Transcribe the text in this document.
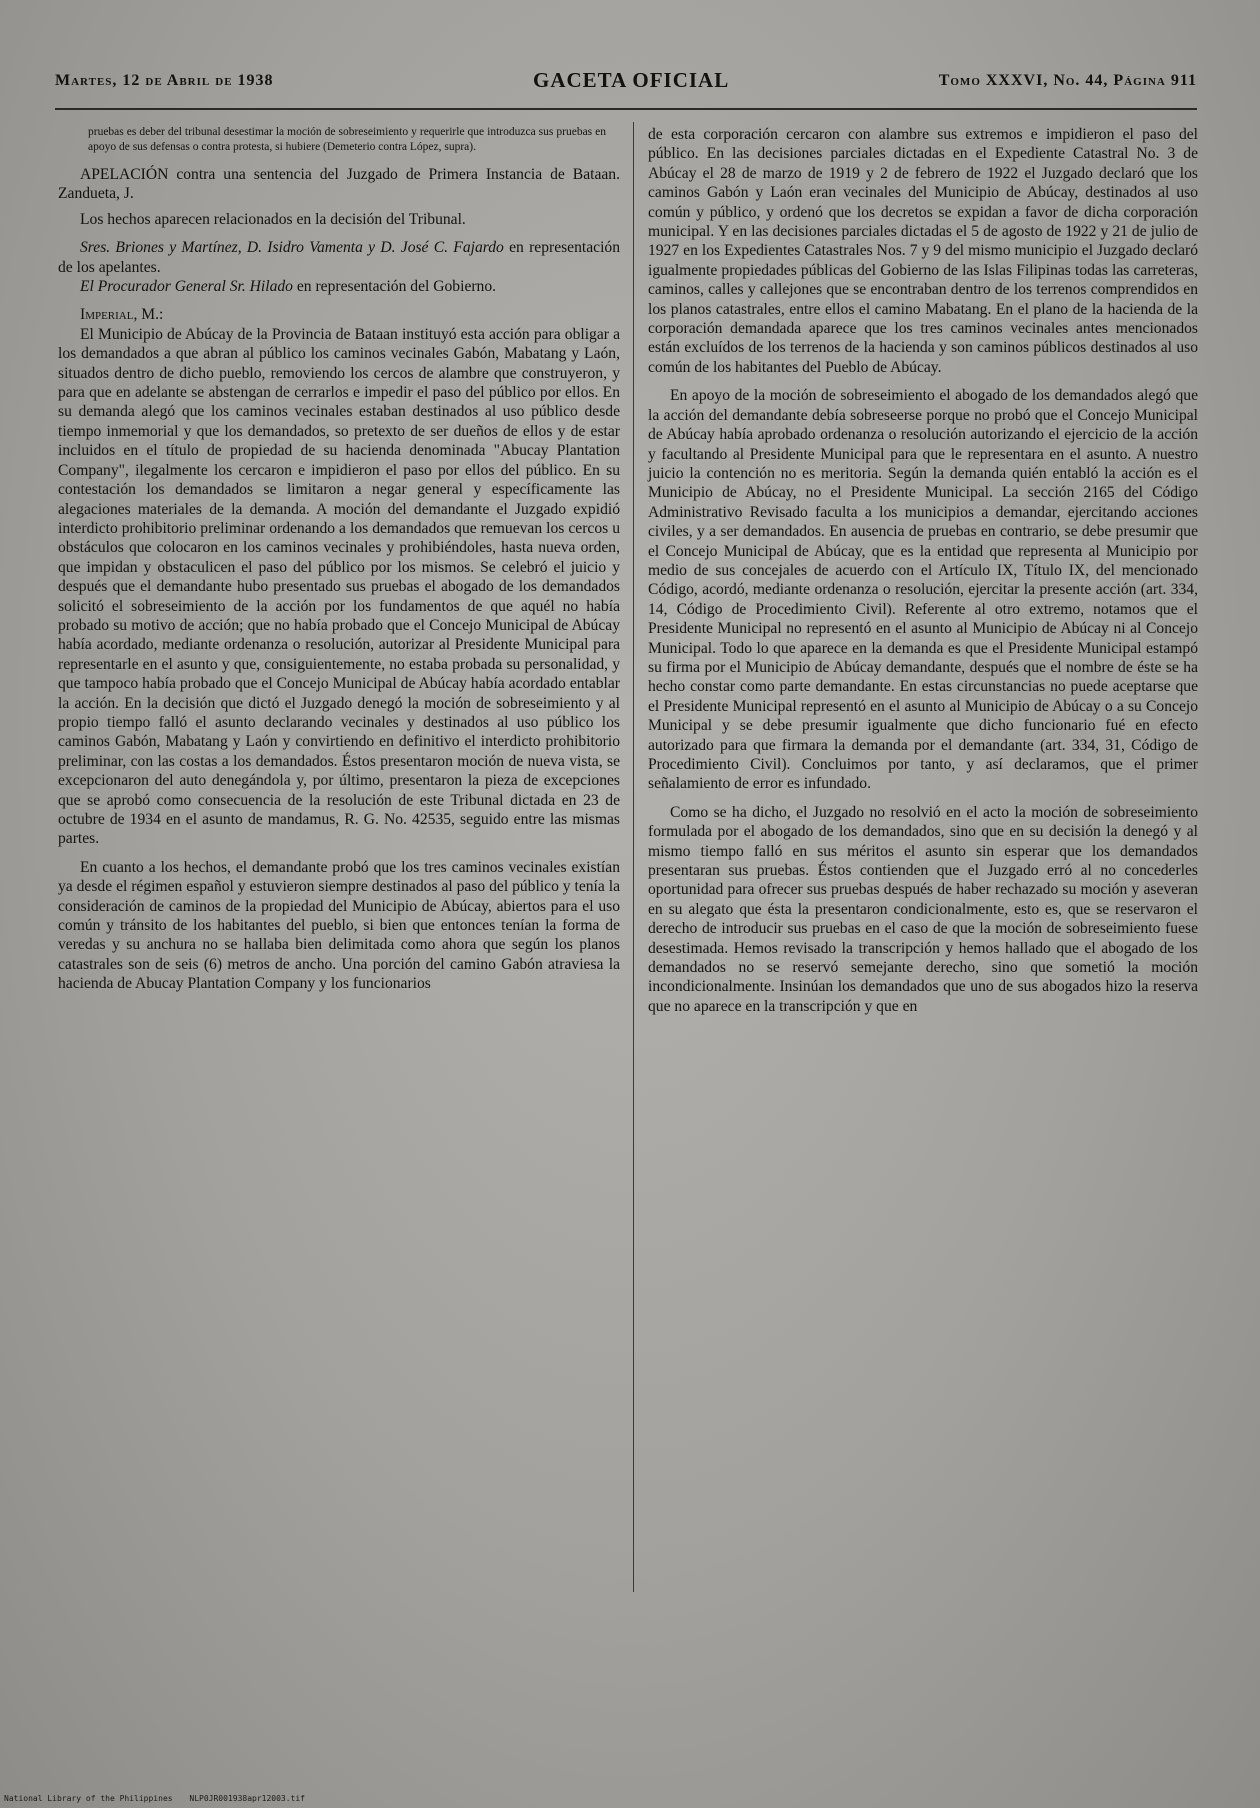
Martes, 12 de Abril de 1938	GACETA OFICIAL	Tomo XXXVI, No. 44, Página 911

pruebas es deber del tribunal desestimar la moción de sobreseimiento y requerirle que introduzca sus pruebas en apoyo de sus defensas o contra protesta, si hubiere (Demeterio contra López, supra).

APELACIÓN contra una sentencia del Juzgado de Primera Instancia de Bataan. Zandueta, J.

Los hechos aparecen relacionados en la decisión del Tribunal.

Sres. Briones y Martínez, D. Isidro Vamenta y D. José C. Fajardo en representación de los apelantes.

El Procurador General Sr. Hilado en representación del Gobierno.

Imperial, M.:

El Municipio de Abúcay de la Provincia de Bataan instituyó esta acción para obligar a los demandados a que abran al público los caminos vecinales Gabón, Mabatang y Laón, situados dentro de dicho pueblo, removiendo los cercos de alambre que construyeron, y para que en adelante se abstengan de cerrarlos e impedir el paso del público por ellos. En su demanda alegó que los caminos vecinales estaban destinados al uso público desde tiempo inmemorial y que los demandados, so pretexto de ser dueños de ellos y de estar incluidos en el título de propiedad de su hacienda denominada "Abucay Plantation Company", ilegalmente los cercaron e impidieron el paso por ellos del público. En su contestación los demandados se limitaron a negar general y específicamente las alegaciones materiales de la demanda. A moción del demandante el Juzgado expidió interdicto prohibitorio preliminar ordenando a los demandados que remuevan los cercos u obstáculos que colocaron en los caminos vecinales y prohibiéndoles, hasta nueva orden, que impidan y obstaculicen el paso del público por los mismos. Se celebró el juicio y después que el demandante hubo presentado sus pruebas el abogado de los demandados solicitó el sobreseimiento de la acción por los fundamentos de que aquél no había probado su motivo de acción; que no había probado que el Concejo Municipal de Abúcay había acordado, mediante ordenanza o resolución, autorizar al Presidente Municipal para representarle en el asunto y que, consiguientemente, no estaba probada su personalidad, y que tampoco había probado que el Concejo Municipal de Abúcay había acordado entablar la acción. En la decisión que dictó el Juzgado denegó la moción de sobreseimiento y al propio tiempo falló el asunto declarando vecinales y destinados al uso público los caminos Gabón, Mabatang y Laón y convirtiendo en definitivo el interdicto prohibitorio preliminar, con las costas a los demandados. Éstos presentaron moción de nueva vista, se excepcionaron del auto denegándola y, por último, presentaron la pieza de excepciones que se aprobó como consecuencia de la resolución de este Tribunal dictada en 23 de octubre de 1934 en el asunto de mandamus, R. G. No. 42535, seguido entre las mismas partes.

En cuanto a los hechos, el demandante probó que los tres caminos vecinales existían ya desde el régimen español y estuvieron siempre destinados al paso del público y tenía la consideración de caminos de la propiedad del Municipio de Abúcay, abiertos para el uso común y tránsito de los habitantes del pueblo, si bien que entonces tenían la forma de veredas y su anchura no se hallaba bien delimitada como ahora que según los planos catastrales son de seis (6) metros de ancho. Una porción del camino Gabón atraviesa la hacienda de Abucay Plantation Company y los funcionarios

de esta corporación cercaron con alambre sus extremos e impidieron el paso del público. En las decisiones parciales dictadas en el Expediente Catastral No. 3 de Abúcay el 28 de marzo de 1919 y 2 de febrero de 1922 el Juzgado declaró que los caminos Gabón y Laón eran vecinales del Municipio de Abúcay, destinados al uso común y público, y ordenó que los decretos se expidan a favor de dicha corporación municipal. Y en las decisiones parciales dictadas el 5 de agosto de 1922 y 21 de julio de 1927 en los Expedientes Catastrales Nos. 7 y 9 del mismo municipio el Juzgado declaró igualmente propiedades públicas del Gobierno de las Islas Filipinas todas las carreteras, caminos, calles y callejones que se encontraban dentro de los terrenos comprendidos en los planos catastrales, entre ellos el camino Mabatang. En el plano de la hacienda de la corporación demandada aparece que los tres caminos vecinales antes mencionados están excluídos de los terrenos de la hacienda y son caminos públicos destinados al uso común de los habitantes del Pueblo de Abúcay.

En apoyo de la moción de sobreseimiento el abogado de los demandados alegó que la acción del demandante debía sobreseerse porque no probó que el Concejo Municipal de Abúcay había aprobado ordenanza o resolución autorizando el ejercicio de la acción y facultando al Presidente Municipal para que le representara en el asunto. A nuestro juicio la contención no es meritoria. Según la demanda quién entabló la acción es el Municipio de Abúcay, no el Presidente Municipal. La sección 2165 del Código Administrativo Revisado faculta a los municipios a demandar, ejercitando acciones civiles, y a ser demandados. En ausencia de pruebas en contrario, se debe presumir que el Concejo Municipal de Abúcay, que es la entidad que representa al Municipio por medio de sus concejales de acuerdo con el Artículo IX, Título IX, del mencionado Código, acordó, mediante ordenanza o resolución, ejercitar la presente acción (art. 334, 14, Código de Procedimiento Civil). Referente al otro extremo, notamos que el Presidente Municipal no representó en el asunto al Municipio de Abúcay ni al Concejo Municipal. Todo lo que aparece en la demanda es que el Presidente Municipal estampó su firma por el Municipio de Abúcay demandante, después que el nombre de éste se ha hecho constar como parte demandante. En estas circunstancias no puede aceptarse que el Presidente Municipal representó en el asunto al Municipio de Abúcay o a su Concejo Municipal y se debe presumir igualmente que dicho funcionario fué en efecto autorizado para que firmara la demanda por el demandante (art. 334, 31, Código de Procedimiento Civil). Concluimos por tanto, y así declaramos, que el primer señalamiento de error es infundado.

Como se ha dicho, el Juzgado no resolvió en el acto la moción de sobreseimiento formulada por el abogado de los demandados, sino que en su decisión la denegó y al mismo tiempo falló en sus méritos el asunto sin esperar que los demandados presentaran sus pruebas. Éstos contienden que el Juzgado erró al no concederles oportunidad para ofrecer sus pruebas después de haber rechazado su moción y aseveran en su alegato que ésta la presentaron condicionalmente, esto es, que se reservaron el derecho de introducir sus pruebas en el caso de que la moción de sobreseimiento fuese desestimada. Hemos revisado la transcripción y hemos hallado que el abogado de los demandados no se reservó semejante derecho, sino que sometió la moción incondicionalmente. Insinúan los demandados que uno de sus abogados hizo la reserva que no aparece en la transcripción y que en

National Library of the Philippines NLP0JR001938apr12003.tif
